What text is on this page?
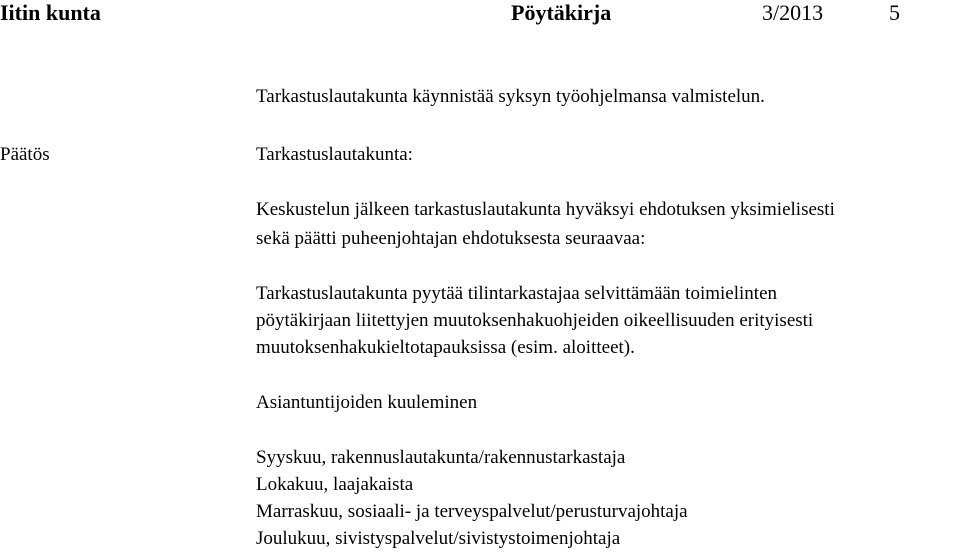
Iitin kunta	Pöytäkirja	3/2013	5
Tarkastuslautakunta käynnistää syksyn työohjelmansa valmistelun.
Päätös	Tarkastuslautakunta:
Keskustelun jälkeen tarkastuslautakunta hyväksyi ehdotuksen yksimielisesti
sekä päätti puheenjohtajan ehdotuksesta seuraavaa:
Tarkastuslautakunta pyytää tilintarkastajaa selvittämään toimielinten
pöytäkirjaan liitettyjen muutoksenhakuohjeiden oikeellisuuden erityisesti
muutoksenhakukieltotapauksissa (esim. aloitteet).
Asiantuntijoiden kuuleminen
Syyskuu, rakennuslautakunta/rakennustarkastaja
Lokakuu, laajakaista
Marraskuu, sosiaali- ja terveyspalvelut/perusturvajohtaja
Joulukuu, sivistyspalvelut/sivistystoimenjohtaja
